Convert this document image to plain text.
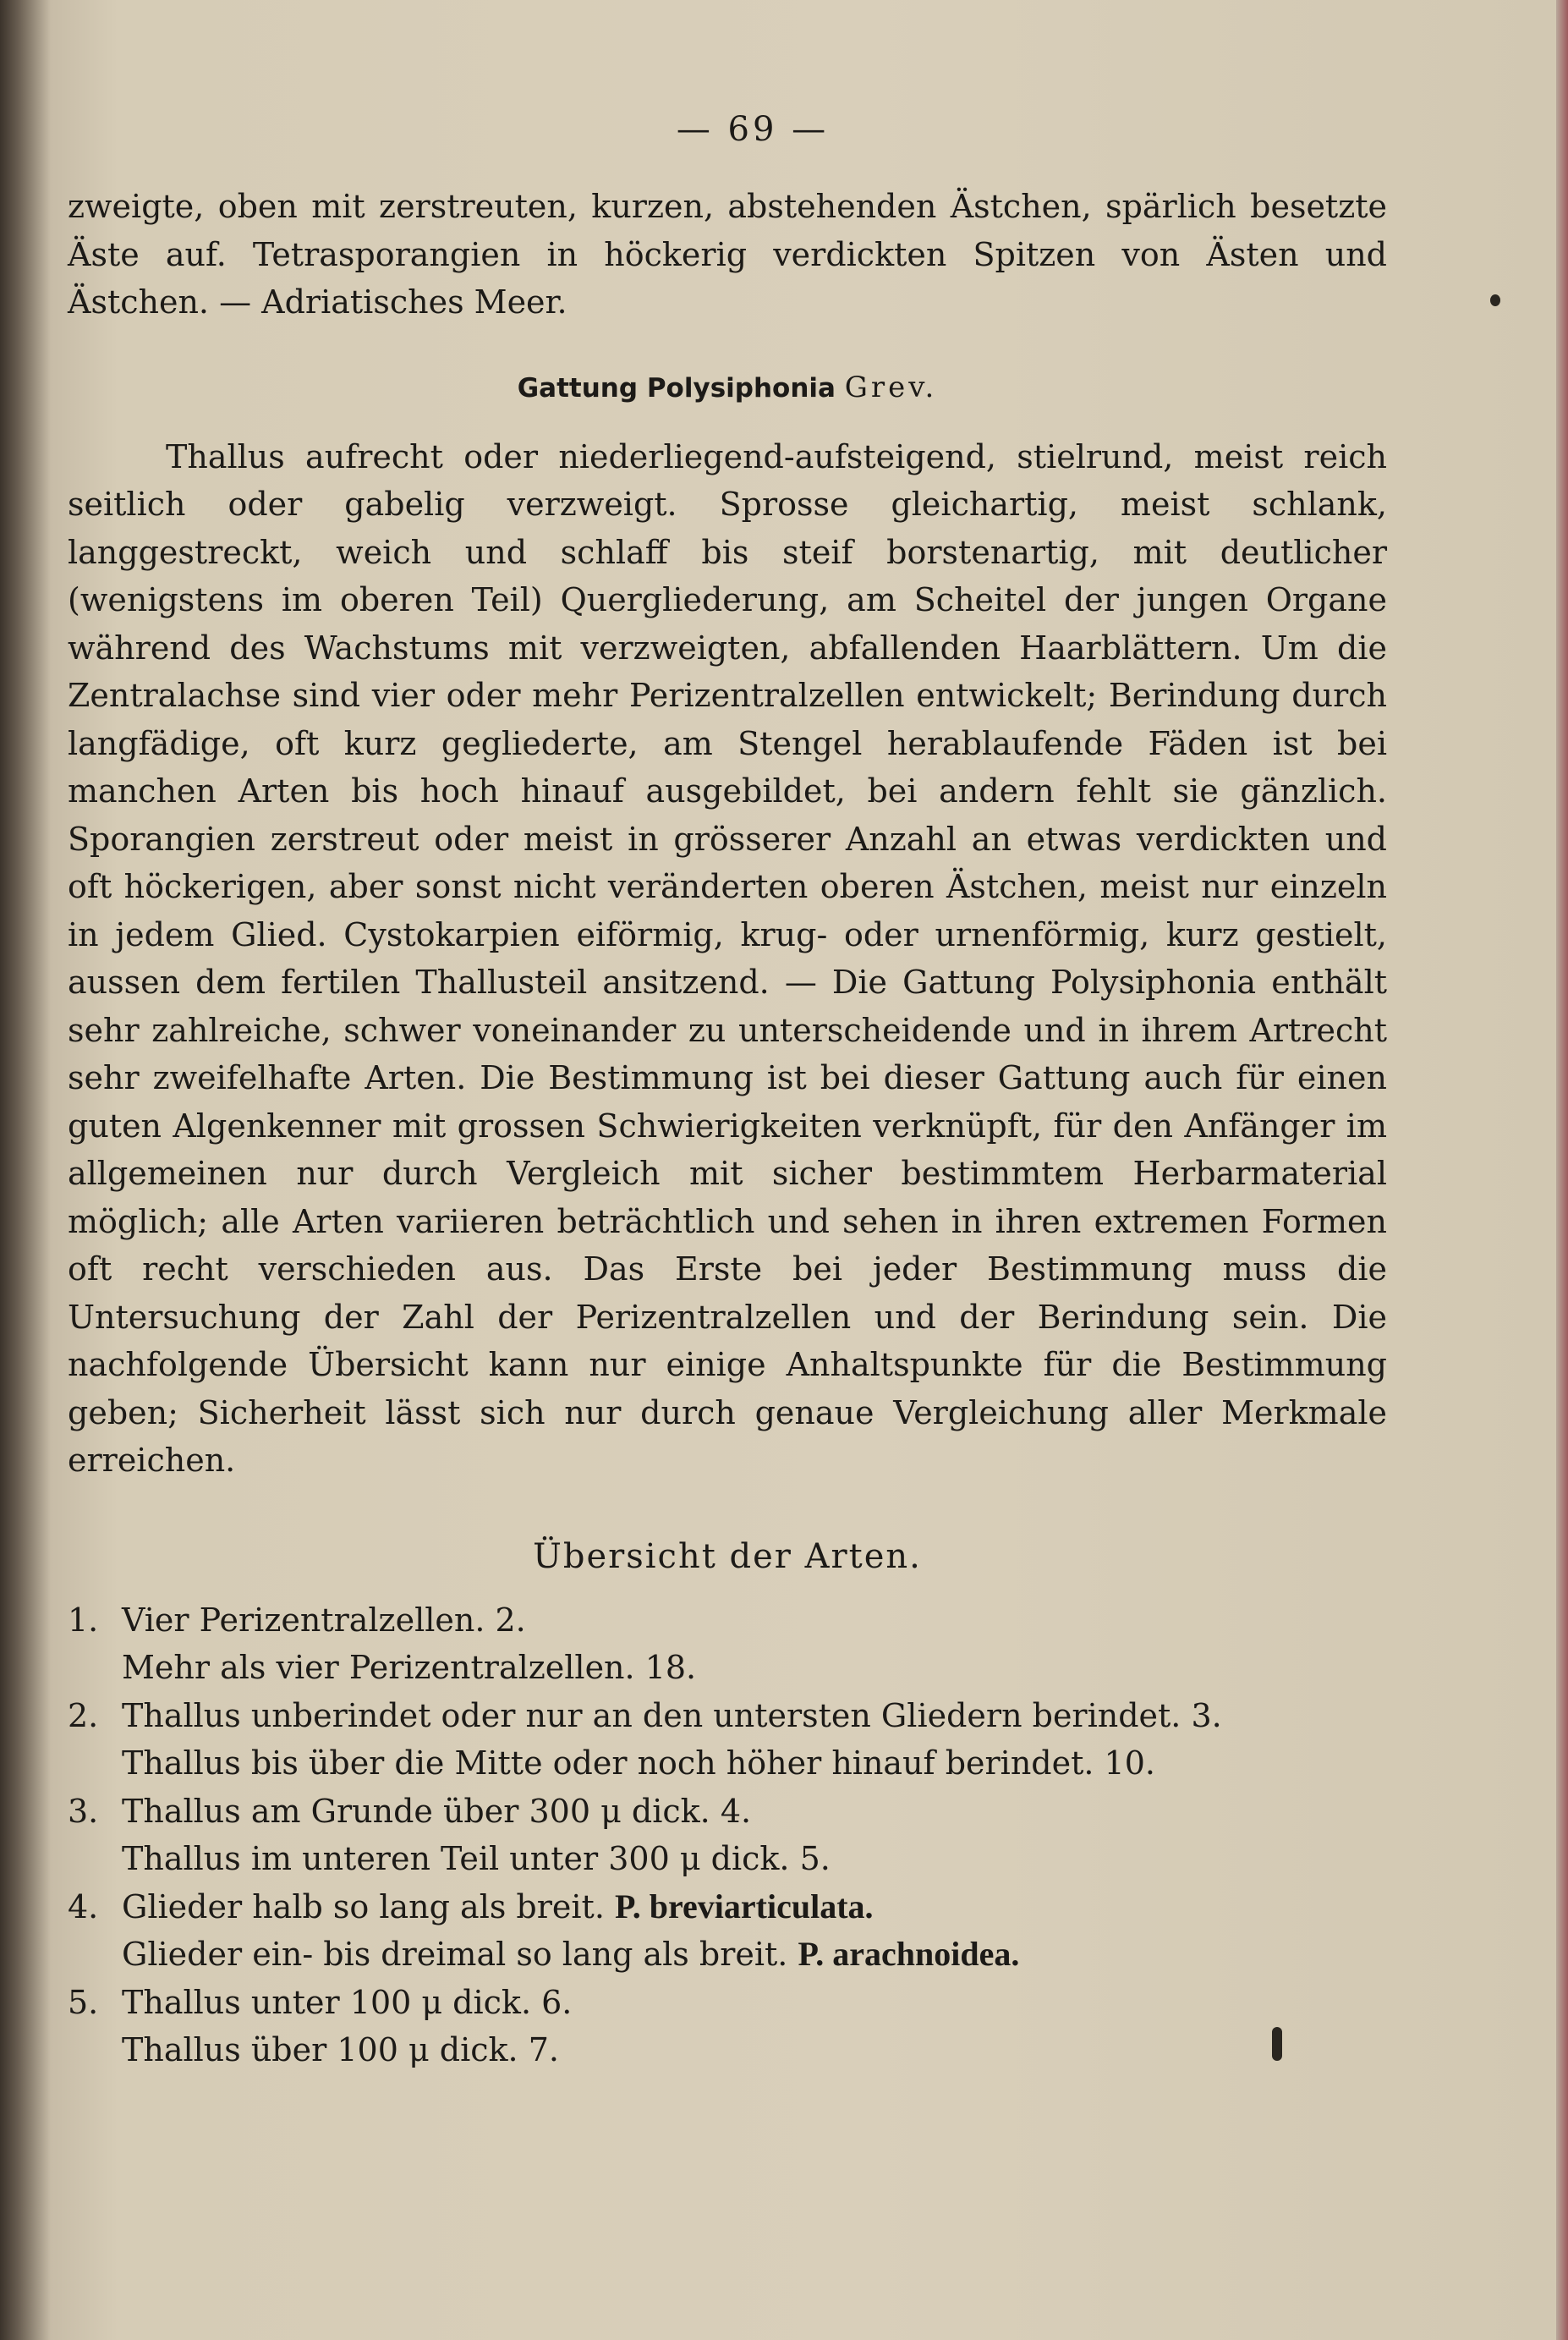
— 69 —

zweigte, oben mit zerstreuten, kurzen, abstehenden Ästchen, spärlich besetzte Äste auf. Tetrasporangien in höckerig verdickten Spitzen von Ästen und Ästchen. — Adriatisches Meer.

Gattung Polysiphonia Grev.

Thallus aufrecht oder niederliegend-aufsteigend, stielrund, meist reich seitlich oder gabelig verzweigt. Sprosse gleichartig, meist schlank, langgestreckt, weich und schlaff bis steif borstenartig, mit deutlicher (wenigstens im oberen Teil) Quergliederung, am Scheitel der jungen Organe während des Wachstums mit verzweigten, abfallenden Haarblättern. Um die Zentralachse sind vier oder mehr Perizentralzellen entwickelt; Berindung durch langfädige, oft kurz gegliederte, am Stengel herablaufende Fäden ist bei manchen Arten bis hoch hinauf ausgebildet, bei andern fehlt sie gänzlich. Sporangien zerstreut oder meist in grösserer Anzahl an etwas verdickten und oft höckerigen, aber sonst nicht veränderten oberen Ästchen, meist nur einzeln in jedem Glied. Cystokarpien eiförmig, krug- oder urnenförmig, kurz gestielt, aussen dem fertilen Thallusteil ansitzend. — Die Gattung Polysiphonia enthält sehr zahlreiche, schwer voneinander zu unterscheidende und in ihrem Artrecht sehr zweifelhafte Arten. Die Bestimmung ist bei dieser Gattung auch für einen guten Algenkenner mit grossen Schwierigkeiten verknüpft, für den Anfänger im allgemeinen nur durch Vergleich mit sicher bestimmtem Herbarmaterial möglich; alle Arten variieren beträchtlich und sehen in ihren extremen Formen oft recht verschieden aus. Das Erste bei jeder Bestimmung muss die Untersuchung der Zahl der Perizentralzellen und der Berindung sein. Die nachfolgende Übersicht kann nur einige Anhaltspunkte für die Bestimmung geben; Sicherheit lässt sich nur durch genaue Vergleichung aller Merkmale erreichen.

Übersicht der Arten.
1. Vier Perizentralzellen. 2.
Mehr als vier Perizentralzellen. 18.
2. Thallus unberindet oder nur an den untersten Gliedern berindet. 3.
Thallus bis über die Mitte oder noch höher hinauf berindet. 10.
3. Thallus am Grunde über 300 μ dick. 4.
Thallus im unteren Teil unter 300 μ dick. 5.
4. Glieder halb so lang als breit. P. breviarticulata.
Glieder ein- bis dreimal so lang als breit. P. arachnoidea.
5. Thallus unter 100 μ dick. 6.
Thallus über 100 μ dick. 7.
